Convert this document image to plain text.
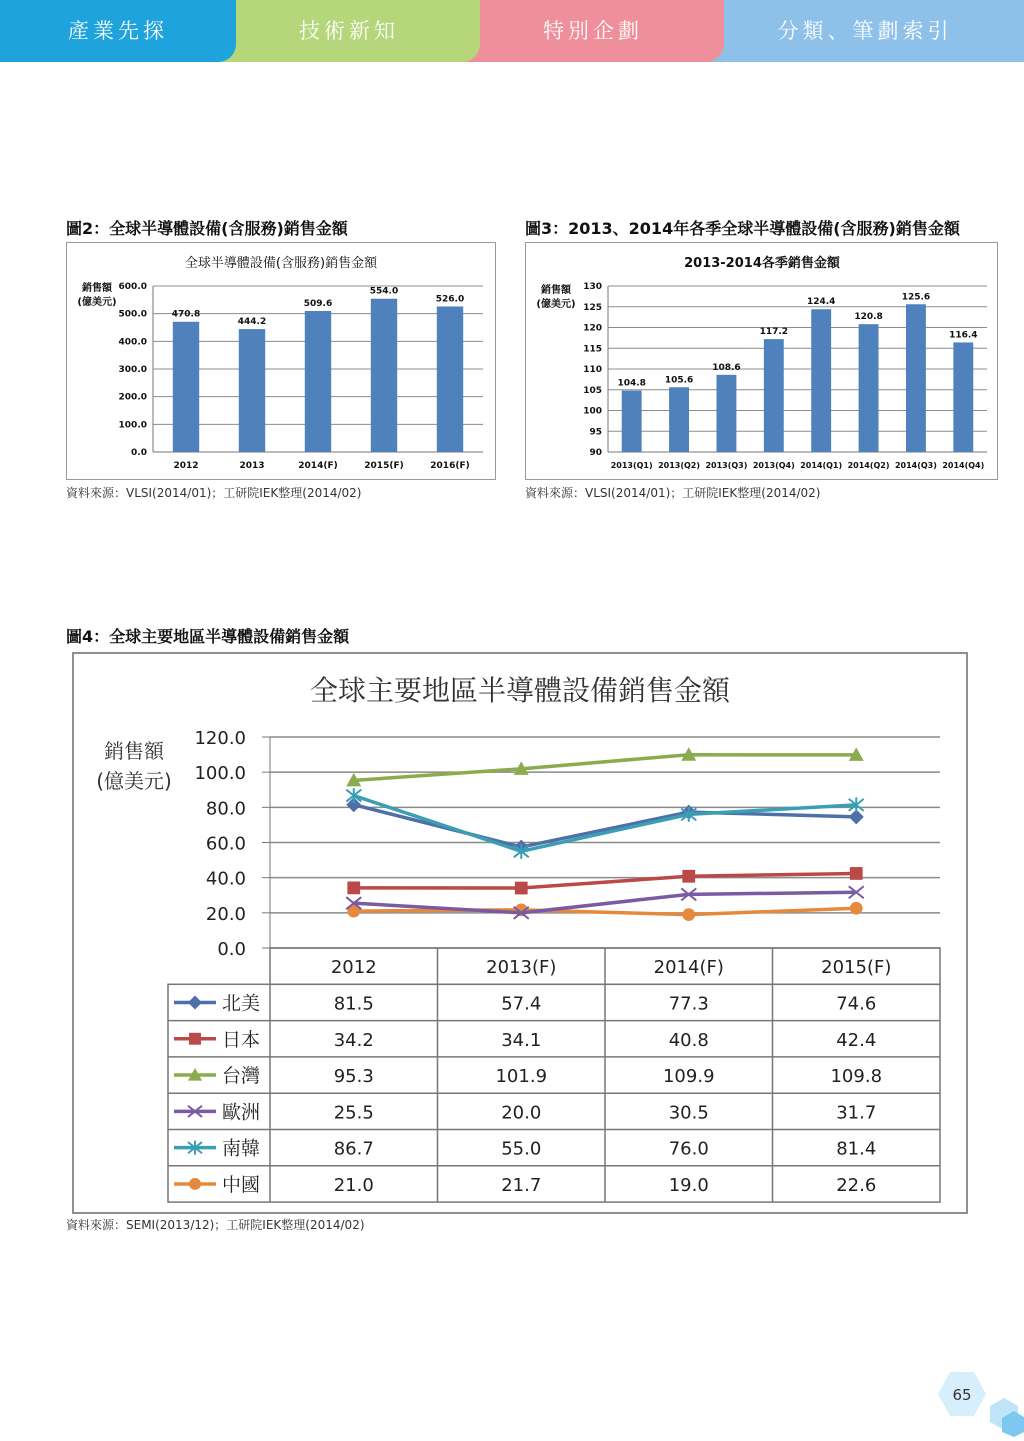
分類、筆劃索引
特別企劃
技術新知
產業先探
圖2：全球半導體設備(含服務)銷售金額
全球半導體設備(含服務)銷售金額
銷售額
(億美元)
0.0
100.0
200.0
300.0
400.0
500.0
600.0
470.8
2012
444.2
2013
509.6
2014(F)
554.0
2015(F)
526.0
2016(F)
資料來源：VLSI(2014/01)；工研院IEK整理(2014/02)
圖3：2013、2014年各季全球半導體設備(含服務)銷售金額
2013-2014各季銷售金額
銷售額
(億美元)
90
95
100
105
110
115
120
125
130
104.8
2013(Q1)
105.6
2013(Q2)
108.6
2013(Q3)
117.2
2013(Q4)
124.4
2014(Q1)
120.8
2014(Q2)
125.6
2014(Q3)
116.4
2014(Q4)
資料來源：VLSI(2014/01)；工研院IEK整理(2014/02)
圖4：全球主要地區半導體設備銷售金額
全球主要地區半導體設備銷售金額
銷售額
(億美元)
0.0
20.0
40.0
60.0
80.0
100.0
120.0
2012	2013(F)	2014(F)	2015(F)
北美	81.5	57.4	77.3	74.6
日本	34.2	34.1	40.8	42.4
台灣	95.3	101.9	109.9	109.8
歐洲	25.5	20.0	30.5	31.7
南韓	86.7	55.0	76.0	81.4
中國	21.0	21.7	19.0	22.6
資料來源：SEMI(2013/12)；工研院IEK整理(2014/02)
65
